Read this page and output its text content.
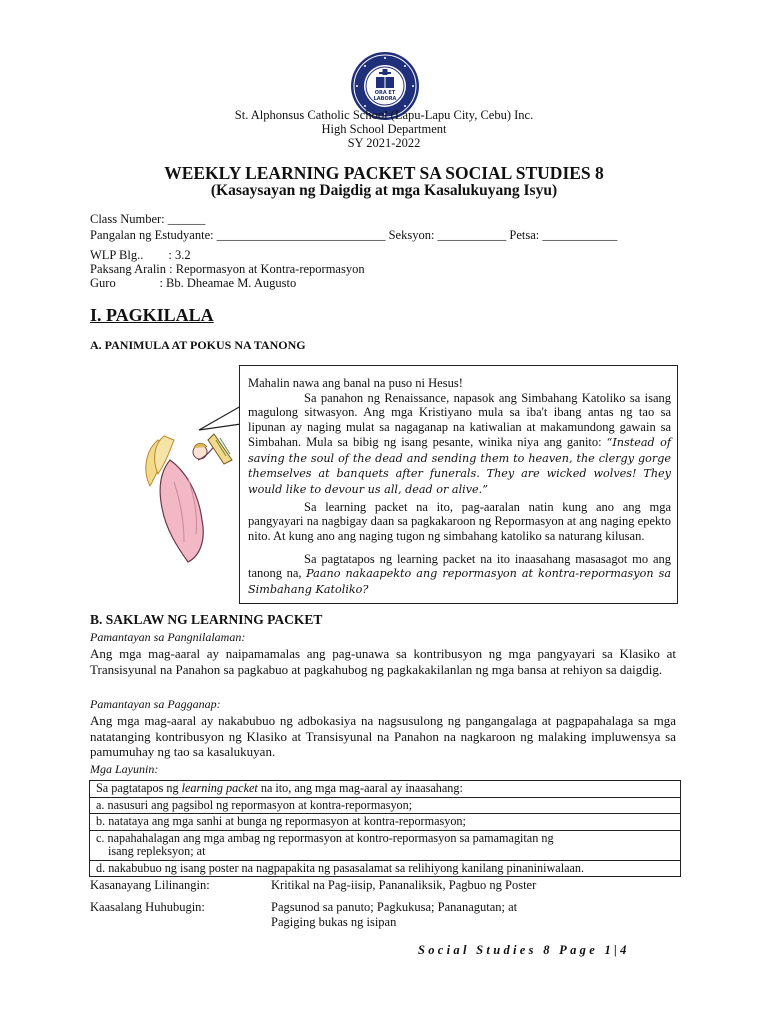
ORA ET LABORA
St. Alphonsus Catholic School (Lapu-Lapu City, Cebu) Inc.
High School Department
SY 2021-2022
WEEKLY LEARNING PACKET SA SOCIAL STUDIES 8
(Kasaysayan ng Daigdig at mga Kasalukuyang Isyu)
Class Number: ______
Pangalan ng Estudyante: ___________________________ Seksyon: ___________ Petsa: ____________
WLP Blg..        : 3.2
Paksang Aralin : Repormasyon at Kontra-repormasyon
Guro              : Bb. Dheamae M. Augusto
I. PAGKILALA
A. PANIMULA AT POKUS NA TANONG

Mahalin nawa ang banal na puso ni Hesus!

Sa panahon ng Renaissance, napasok ang Simbahang Katoliko sa isang magulong sitwasyon. Ang mga Kristiyano mula sa iba't ibang antas ng tao sa lipunan ay naging mulat sa nagaganap na katiwalian at makamundong gawain sa Simbahan. Mula sa bibig ng isang pesante, winika niya ang ganito: “Instead of saving the soul of the dead and sending them to heaven, the clergy gorge themselves at banquets after funerals. They are wicked wolves! They would like to devour us all, dead or alive.”

Sa learning packet na ito, pag-aaralan natin kung ano ang mga pangyayari na nagbigay daan sa pagkakaroon ng Repormasyon at ang naging epekto nito. At kung ano ang naging tugon ng simbahang katoliko sa naturang kilusan.

Sa pagtatapos ng learning packet na ito inaasahang masasagot mo ang tanong na, Paano nakaapekto ang repormasyon at kontra-repormasyon sa Simbahang Katoliko?

B. SAKLAW NG LEARNING PACKET
Pamantayan sa Pangnilalaman:
Ang mga mag-aaral ay naipamamalas ang pag-unawa sa kontribusyon ng mga pangyayari sa Klasiko at Transisyunal na Panahon sa pagkabuo at pagkahubog ng pagkakakilanlan ng mga bansa at rehiyon sa daigdig.
Pamantayan sa Pagganap:
Ang mga mag-aaral ay nakabubuo ng adbokasiya na nagsusulong ng pangangalaga at pagpapahalaga sa mga natatanging kontribusyon ng Klasiko at Transisyunal na Panahon na nagkaroon ng malaking impluwensya sa pamumuhay ng tao sa kasalukuyan.
Mga Layunin:
Sa pagtatapos ng learning packet na ito, ang mga mag-aaral ay inaasahang:
a. nasusuri ang pagsibol ng repormasyon at kontra-repormasyon;
b. natataya ang mga sanhi at bunga ng repormasyon at kontra-repormasyon;

c. napahahalagan ang mga ambag ng repormasyon at kontro-repormasyon sa pamamagitan ng isang repleksyon; at

d. nakabubuo ng isang poster na nagpapakita ng pasasalamat sa relihiyong kanilang pinaniniwalaan.
Kasanayang Lilinangin:	Kritikal na Pag-iisip, Pananaliksik, Pagbuo ng Poster
Kaasalang Huhubugin:	Pagsunod sa panuto; Pagkukusa; Pananagutan; at
Pagiging bukas ng isipan
Social Studies 8 Page 1|4
